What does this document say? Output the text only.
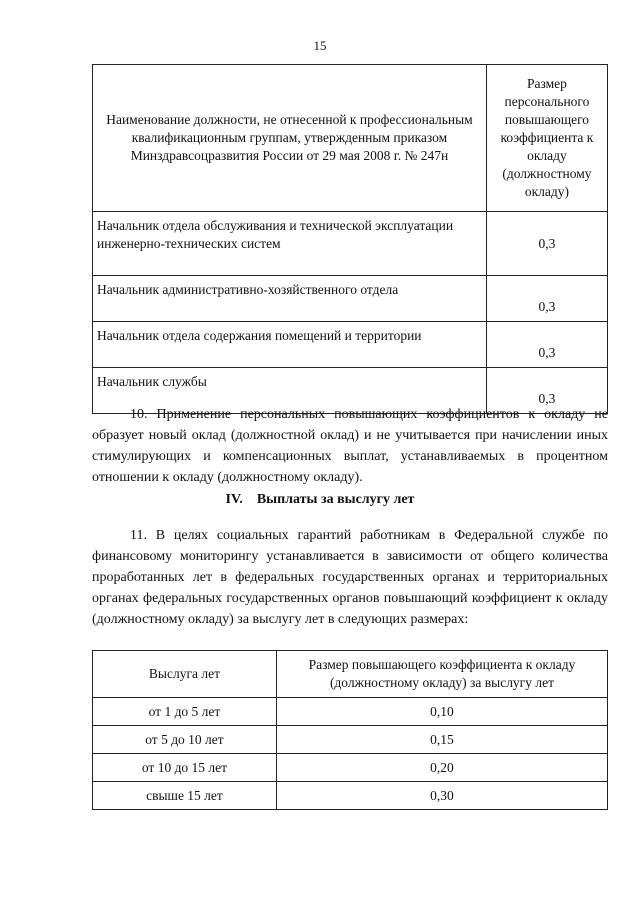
15
Наименование должности, не отнесенной к профессиональным квалификационным группам, утвержденным приказом Минздравсоцразвития России от 29 мая 2008 г. № 247н	Размер персонального повышающего коэффициента к окладу (должностному окладу)
Начальник отдела обслуживания и технической эксплуатации инженерно-технических систем	0,3
Начальник административно-хозяйственного отдела	0,3
Начальник отдела содержания помещений и территории	0,3
Начальник службы	0,3

10. Применение персональных повышающих коэффициентов к окладу не образует новый оклад (должностной оклад) и не учитывается при начислении иных стимулирующих и компенсационных выплат, устанавливаемых в процентном отношении к окладу (должностному окладу).

IV. Выплаты за выслугу лет

11. В целях социальных гарантий работникам в Федеральной службе по финансовому мониторингу устанавливается в зависимости от общего количества проработанных лет в федеральных государственных органах и территориальных органах федеральных государственных органов повышающий коэффициент к окладу (должностному окладу) за выслугу лет в следующих размерах:

Выслуга лет	Размер повышающего коэффициента к окладу (должностному окладу) за выслугу лет
от 1 до 5 лет	0,10
от 5 до 10 лет	0,15
от 10 до 15 лет	0,20
свыше 15 лет	0,30
